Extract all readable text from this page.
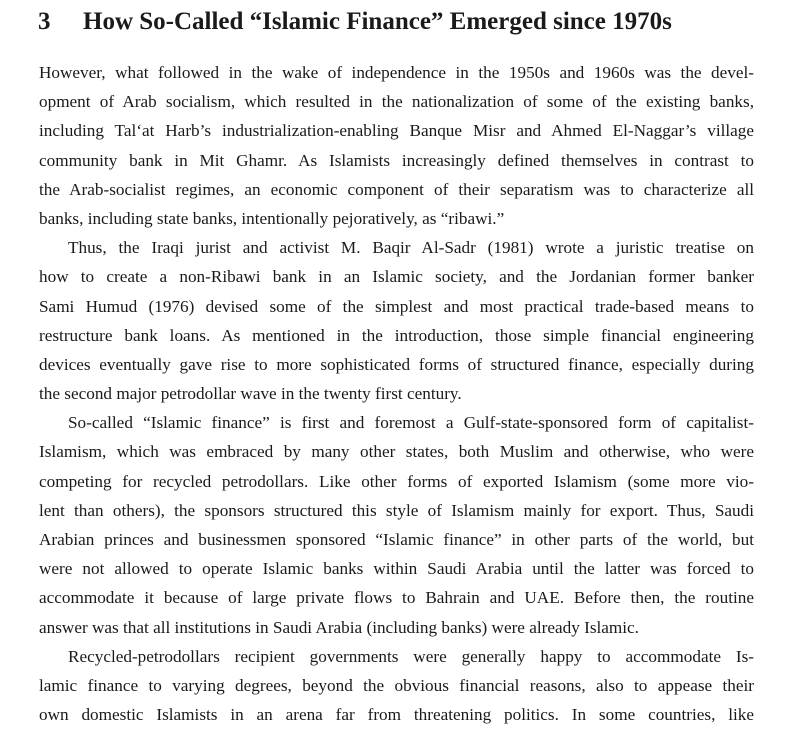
3	How So-Called “Islamic Finance” Emerged since 1970s
However, what followed in the wake of independence in the 1950s and 1960s was the devel-
opment of Arab socialism, which resulted in the nationalization of some of the existing banks,
including Tal‘at Harb’s industrialization-enabling Banque Misr and Ahmed El-Naggar’s village
community bank in Mit Ghamr. As Islamists increasingly defined themselves in contrast to
the Arab-socialist regimes, an economic component of their separatism was to characterize all
banks, including state banks, intentionally pejoratively, as “ribawi.”
Thus, the Iraqi jurist and activist M. Baqir Al-Sadr (1981) wrote a juristic treatise on
how to create a non-Ribawi bank in an Islamic society, and the Jordanian former banker
Sami Humud (1976) devised some of the simplest and most practical trade-based means to
restructure bank loans. As mentioned in the introduction, those simple financial engineering
devices eventually gave rise to more sophisticated forms of structured finance, especially during
the second major petrodollar wave in the twenty first century.
So-called “Islamic finance” is first and foremost a Gulf-state-sponsored form of capitalist-
Islamism, which was embraced by many other states, both Muslim and otherwise, who were
competing for recycled petrodollars. Like other forms of exported Islamism (some more vio-
lent than others), the sponsors structured this style of Islamism mainly for export. Thus, Saudi
Arabian princes and businessmen sponsored “Islamic finance” in other parts of the world, but
were not allowed to operate Islamic banks within Saudi Arabia until the latter was forced to
accommodate it because of large private flows to Bahrain and UAE. Before then, the routine
answer was that all institutions in Saudi Arabia (including banks) were already Islamic.
Recycled-petrodollars recipient governments were generally happy to accommodate Is-
lamic finance to varying degrees, beyond the obvious financial reasons, also to appease their
own domestic Islamists in an arena far from threatening politics. In some countries, like
